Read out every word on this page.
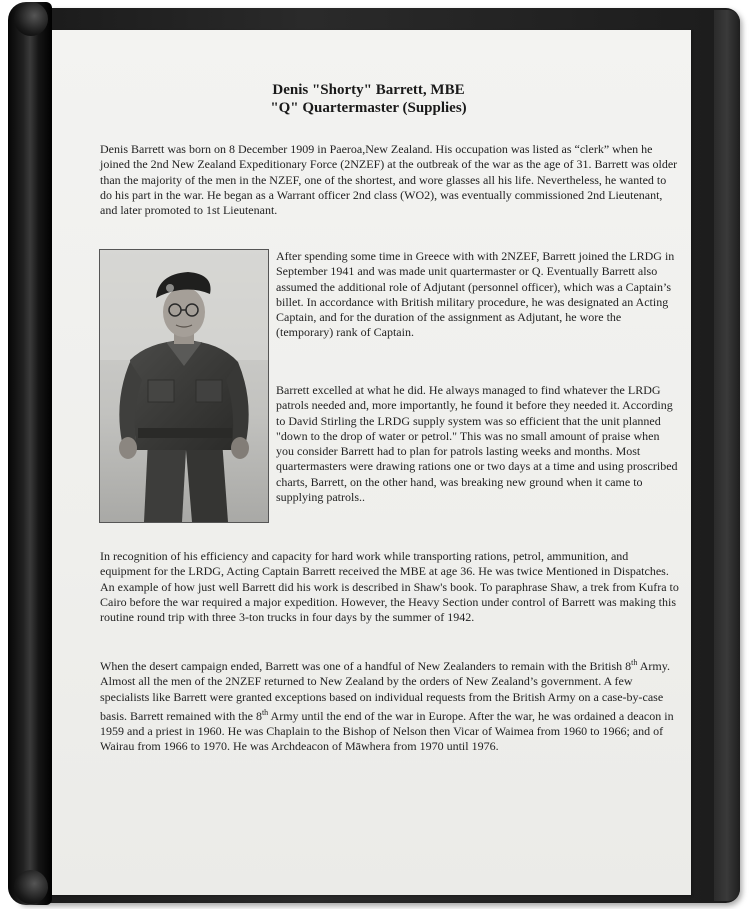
Denis "Shorty" Barrett, MBE
"Q" Quartermaster (Supplies)

Denis Barrett was born on 8 December 1909 in Paeroa,New Zealand. His occupation was listed as “clerk” when he joined the 2nd New Zealand Expeditionary Force (2NZEF) at the outbreak of the war as the age of 31. Barrett was older than the majority of the men in the NZEF, one of the shortest, and wore glasses all his life. Nevertheless, he wanted to do his part in the war. He began as a Warrant officer 2nd class (WO2), was eventually commissioned 2nd Lieutenant, and later promoted to 1st Lieutenant.

After spending some time in Greece with with 2NZEF, Barrett joined the LRDG in September 1941 and was made unit quartermaster or Q. Eventually Barrett also assumed the additional role of Adjutant (personnel officer), which was a Captain’s billet. In accordance with British military procedure, he was designated an Acting Captain, and for the duration of the assignment as Adjutant, he wore the (temporary) rank of Captain.

Barrett excelled at what he did. He always managed to find whatever the LRDG patrols needed and, more importantly, he found it before they needed it. According to David Stirling the LRDG supply system was so efficient that the unit planned "down to the drop of water or petrol." This was no small amount of praise when you consider Barrett had to plan for patrols lasting weeks and months. Most quartermasters were drawing rations one or two days at a time and using proscribed charts, Barrett, on the other hand, was breaking new ground when it came to supplying patrols..

In recognition of his efficiency and capacity for hard work while transporting rations, petrol, ammunition, and equipment for the LRDG, Acting Captain Barrett received the MBE at age 36. He was twice Mentioned in Dispatches. An example of how just well Barrett did his work is described in Shaw's book. To paraphrase Shaw, a trek from Kufra to Cairo before the war required a major expedition. However, the Heavy Section under control of Barrett was making this routine round trip with three 3-ton trucks in four days by the summer of 1942.

When the desert campaign ended, Barrett was one of a handful of New Zealanders to remain with the British 8th Army. Almost all the men of the 2NZEF returned to New Zealand by the orders of New Zealand’s government. A few specialists like Barrett were granted exceptions based on individual requests from the British Army on a case-by-case basis. Barrett remained with the 8th Army until the end of the war in Europe. After the war, he was ordained a deacon in 1959 and a priest in 1960. He was Chaplain to the Bishop of Nelson then Vicar of Waimea from 1960 to 1966; and of Wairau from 1966 to 1970. He was Archdeacon of Māwhera from 1970 until 1976.
